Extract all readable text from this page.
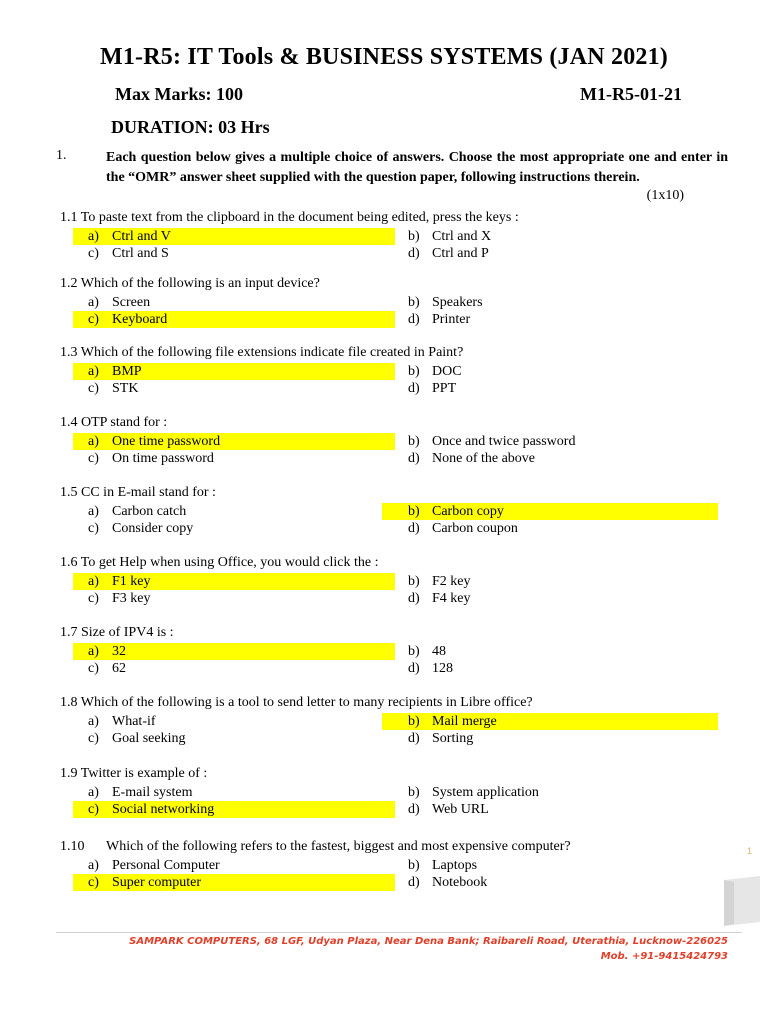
M1-R5: IT Tools & BUSINESS SYSTEMS (JAN 2021)
Max Marks: 100	M1-R5-01-21
DURATION: 03 Hrs
1.	Each question below gives a multiple choice of answers. Choose the most appropriate one and enter in the “OMR” answer sheet supplied with the question paper, following instructions therein.
(1x10)
1.1 To paste text from the clipboard in the document being edited, press the keys :
a) Ctrl and V	b) Ctrl and X
c) Ctrl and S	d) Ctrl and P
1.2 Which of the following is an input device?
a) Screen	b) Speakers
c) Keyboard	d) Printer
1.3 Which of the following file extensions indicate file created in Paint?
a) BMP	b) DOC
c) STK	d) PPT
1.4 OTP stand for :
a) One time password	b) Once and twice password
c) On time password	d) None of the above
1.5 CC in E-mail stand for :
a) Carbon catch	b) Carbon copy
c) Consider copy	d) Carbon coupon
1.6 To get Help when using Office, you would click the :
a) F1 key	b) F2 key
c) F3 key	d) F4 key
1.7 Size of IPV4 is :
a) 32	b) 48
c) 62	d) 128
1.8 Which of the following is a tool to send letter to many recipients in Libre office?
a) What-if	b) Mail merge
c) Goal seeking	d) Sorting
1.9 Twitter is example of :
a) E-mail system	b) System application
c) Social networking	d) Web URL
1.10 Which of the following refers to the fastest, biggest and most expensive computer?
a) Personal Computer	b) Laptops
c) Super computer	d) Notebook
1
SAMPARK COMPUTERS, 68 LGF, Udyan Plaza, Near Dena Bank; Raibareli Road, Uterathia, Lucknow-226025
Mob. +91-9415424793
